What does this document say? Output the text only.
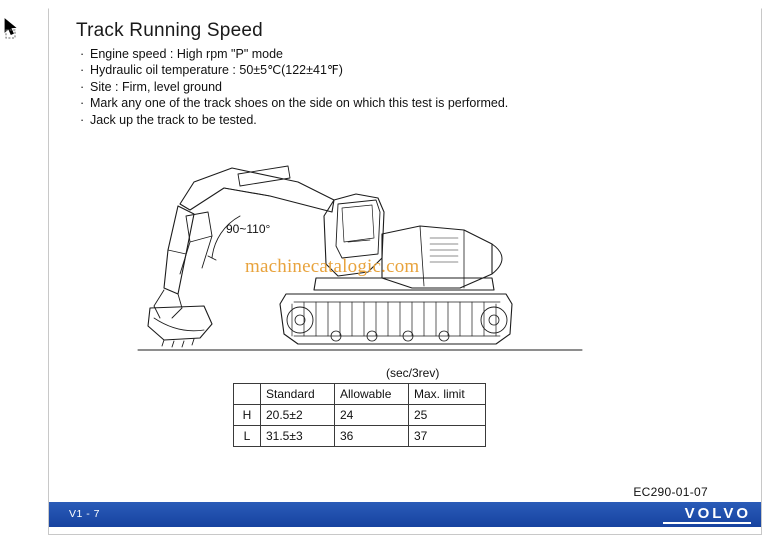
Track Running Speed
· Engine speed : High rpm "P" mode
· Hydraulic oil temperature : 50±5℃(122±41℉)
· Site : Firm, level ground
· Mark any one of the track shoes on the side on which this test is performed.
· Jack up the track to be tested.
90~110°
machinecatalogic.com
(sec/3rev)
	Standard	Allowable	Max. limit
H	20.5±2	24	25
L	31.5±3	36	37
EC290-01-07
V1 - 7	VOLVO
